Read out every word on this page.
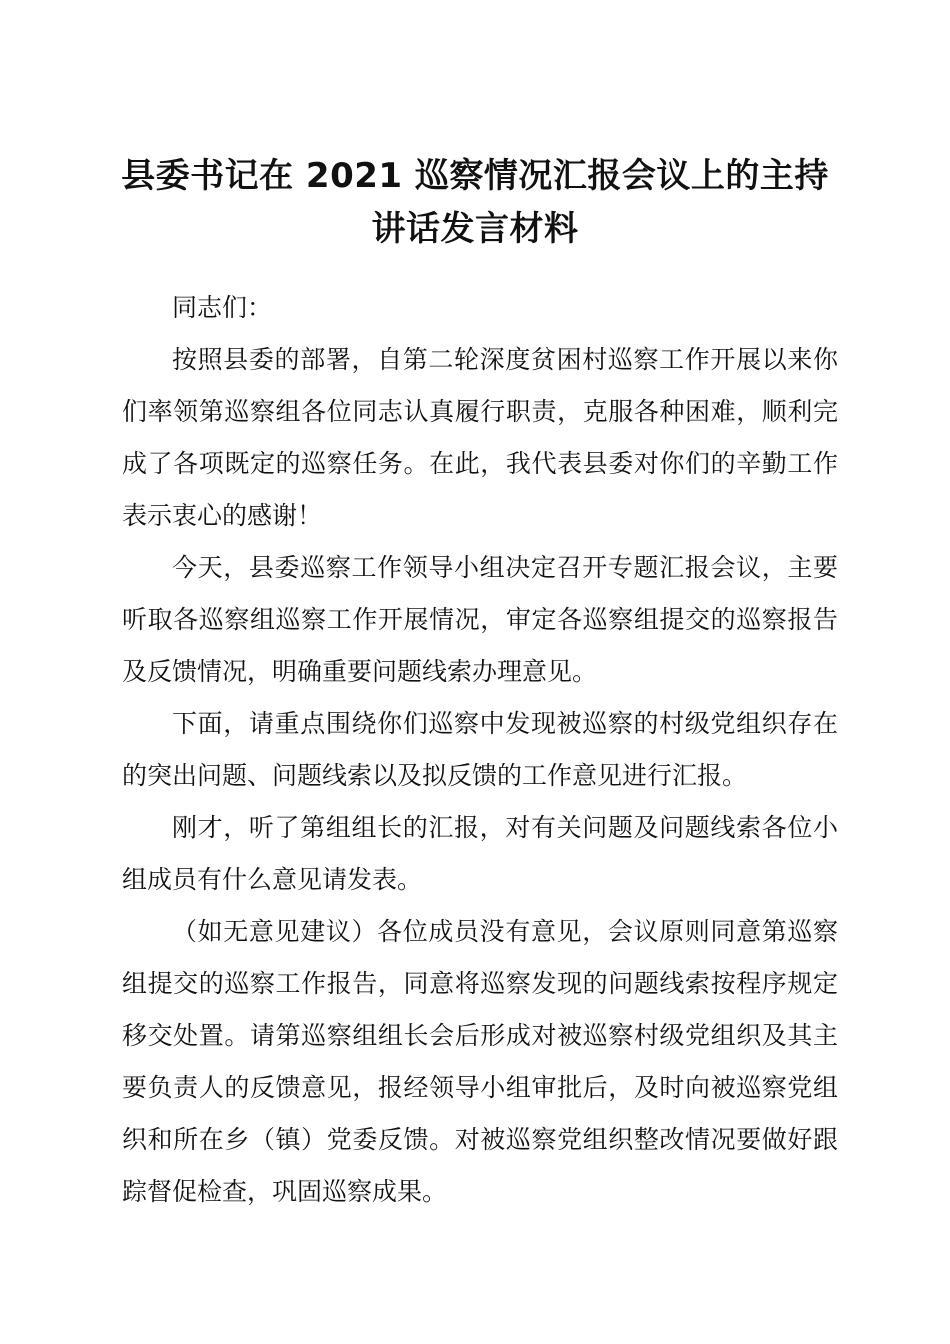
县委书记在 2021 巡察情况汇报会议上的主持
讲话发言材料

同志们：

按照县委的部署，自第二轮深度贫困村巡察工作开展以来你们率领第巡察组各位同志认真履行职责，克服各种困难，顺利完成了各项既定的巡察任务。在此，我代表县委对你们的辛勤工作表示衷心的感谢！

今天，县委巡察工作领导小组决定召开专题汇报会议，主要听取各巡察组巡察工作开展情况，审定各巡察组提交的巡察报告及反馈情况，明确重要问题线索办理意见。

下面，请重点围绕你们巡察中发现被巡察的村级党组织存在的突出问题、问题线索以及拟反馈的工作意见进行汇报。

刚才，听了第组组长的汇报，对有关问题及问题线索各位小组成员有什么意见请发表。

（如无意见建议）各位成员没有意见，会议原则同意第巡察组提交的巡察工作报告，同意将巡察发现的问题线索按程序规定移交处置。请第巡察组组长会后形成对被巡察村级党组织及其主要负责人的反馈意见，报经领导小组审批后，及时向被巡察党组织和所在乡（镇）党委反馈。对被巡察党组织整改情况要做好跟踪督促检查，巩固巡察成果。
